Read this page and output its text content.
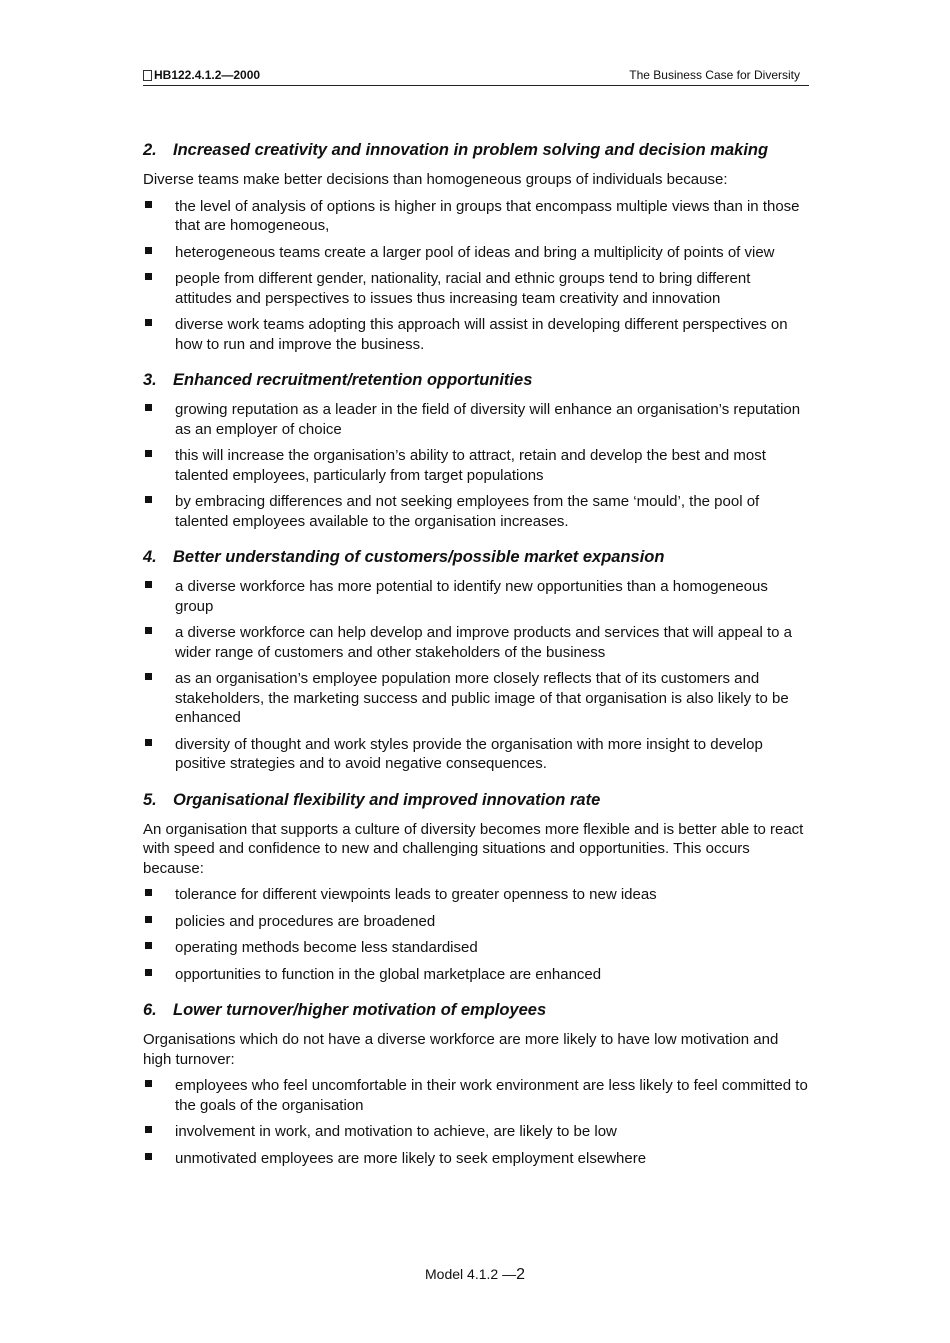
HB122.4.1.2—2000	The Business Case for Diversity
2. Increased creativity and innovation in problem solving and decision making

Diverse teams make better decisions than homogeneous groups of individuals because:

the level of analysis of options is higher in groups that encompass multiple views than in those that are homogeneous,
heterogeneous teams create a larger pool of ideas and bring a multiplicity of points of view
people from different gender, nationality, racial and ethnic groups tend to bring different attitudes and perspectives to issues thus increasing team creativity and innovation
diverse work teams adopting this approach will assist in developing different perspectives on how to run and improve the business.
3. Enhanced recruitment/retention opportunities
growing reputation as a leader in the field of diversity will enhance an organisation’s reputation as an employer of choice
this will increase the organisation’s ability to attract, retain and develop the best and most talented employees, particularly from target populations
by embracing differences and not seeking employees from the same ‘mould’, the pool of talented employees available to the organisation increases.
4. Better understanding of customers/possible market expansion
a diverse workforce has more potential to identify new opportunities than a homogeneous group
a diverse workforce can help develop and improve products and services that will appeal to a wider range of customers and other stakeholders of the business
as an organisation’s employee population more closely reflects that of its customers and stakeholders, the marketing success and public image of that organisation is also likely to be enhanced
diversity of thought and work styles provide the organisation with more insight to develop positive strategies and to avoid negative consequences.
5. Organisational flexibility and improved innovation rate

An organisation that supports a culture of diversity becomes more flexible and is better able to react with speed and confidence to new and challenging situations and opportunities. This occurs because:

tolerance for different viewpoints leads to greater openness to new ideas
policies and procedures are broadened
operating methods become less standardised
opportunities to function in the global marketplace are enhanced
6. Lower turnover/higher motivation of employees

Organisations which do not have a diverse workforce are more likely to have low motivation and high turnover:

employees who feel uncomfortable in their work environment are less likely to feel committed to the goals of the organisation
involvement in work, and motivation to achieve, are likely to be low
unmotivated employees are more likely to seek employment elsewhere
Model 4.1.2 —2
